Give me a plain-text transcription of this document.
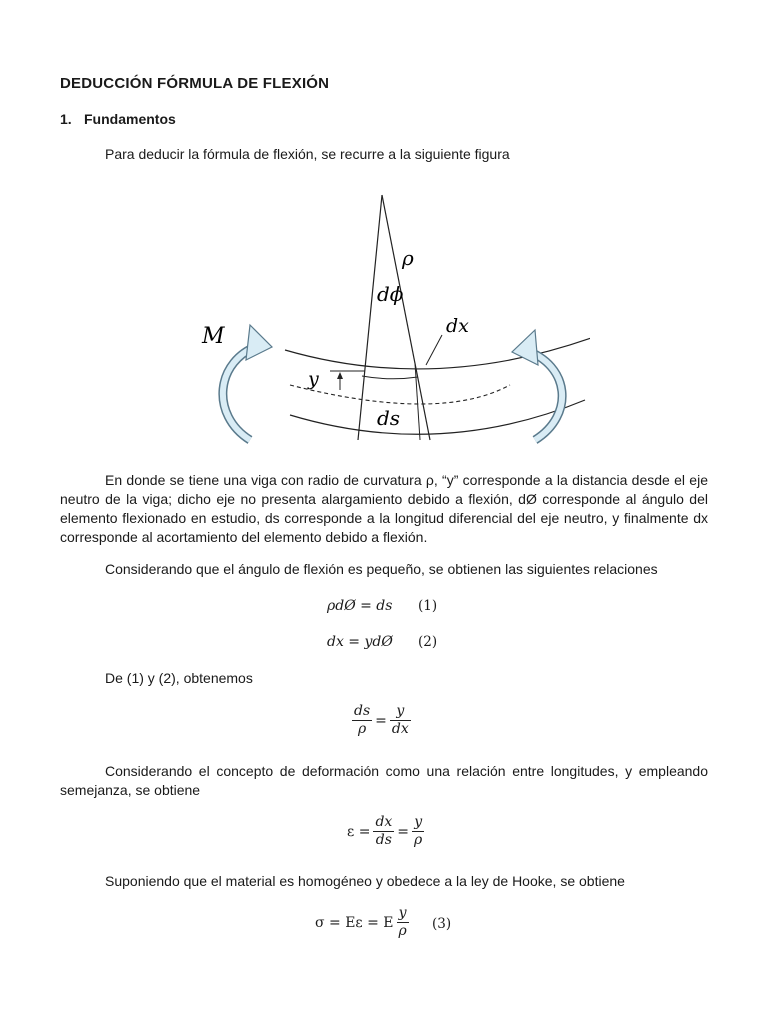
DEDUCCIÓN FÓRMULA DE FLEXIÓN
1. Fundamentos
Para deducir la fórmula de flexión, se recurre a la siguiente figura
M
ρ
dϕ
dx
y
ds
En donde se tiene una viga con radio de curvatura ρ, “y” corresponde a la distancia desde el eje neutro de la viga; dicho eje no presenta alargamiento debido a flexión, dØ corresponde al ángulo del elemento flexionado en estudio, ds corresponde a la longitud diferencial del eje neutro, y finalmente dx corresponde al acortamiento del elemento debido a flexión.
Considerando que el ángulo de flexión es pequeño, se obtienen las siguientes relaciones
ρdØ = ds (1)
dx = ydØ (2)
De (1) y (2), obtenemos
$\frac{ds}{\rho} = \frac{y}{dx}$
Considerando el concepto de deformación como una relación entre longitudes, y empleando semejanza, se obtiene
$\varepsilon = \frac{dx}{ds} = \frac{y}{\rho}$
Suponiendo que el material es homogéneo y obedece a la ley de Hooke, se obtiene
σ = Eε = E $\frac{y}{\rho} (3)$
